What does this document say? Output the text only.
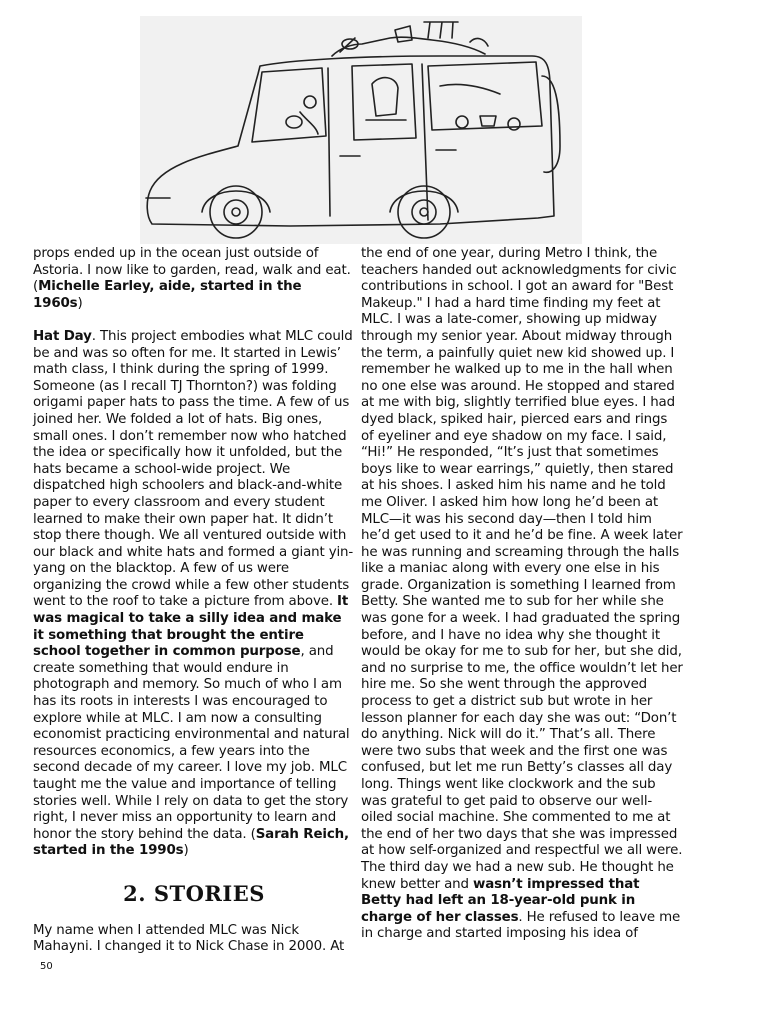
props ended up in the ocean just outside of Astoria. I now like to garden, read, walk and eat. (Michelle Earley, aide, started in the 1960s)

Hat Day. This project embodies what MLC could be and was so often for me. It started in Lewis’ math class, I think during the spring of 1999. Someone (as I recall TJ Thornton?) was folding origami paper hats to pass the time. A few of us joined her. We folded a lot of hats. Big ones, small ones. I don’t remember now who hatched the idea or specifically how it unfolded, but the hats became a school-wide project. We dispatched high schoolers and black-and-white paper to every classroom and every student learned to make their own paper hat. It didn’t stop there though. We all ventured outside with our black and white hats and formed a giant yin-yang on the blacktop. A few of us were organizing the crowd while a few other students went to the roof to take a picture from above. It was magical to take a silly idea and make it something that brought the entire school together in common purpose, and create something that would endure in photograph and memory. So much of who I am has its roots in interests I was encouraged to explore while at MLC. I am now a consulting economist practicing environmental and natural resources economics, a few years into the second decade of my career. I love my job. MLC taught me the value and importance of telling stories well. While I rely on data to get the story right, I never miss an opportunity to learn and honor the story behind the data. (Sarah Reich, started in the 1990s)

2. STORIES

My name when I attended MLC was Nick Mahayni. I changed it to Nick Chase in 2000. At

the end of one year, during Metro I think, the teachers handed out acknowledgments for civic contributions in school. I got an award for "Best Makeup." I had a hard time finding my feet at MLC. I was a late-comer, showing up midway through my senior year. About midway through the term, a painfully quiet new kid showed up. I remember he walked up to me in the hall when no one else was around. He stopped and stared at me with big, slightly terrified blue eyes. I had dyed black, spiked hair, pierced ears and rings of eyeliner and eye shadow on my face. I said, “Hi!” He responded, “It’s just that sometimes boys like to wear earrings,” quietly, then stared at his shoes. I asked him his name and he told me Oliver. I asked him how long he’d been at MLC—it was his second day—then I told him he’d get used to it and he’d be fine. A week later he was running and screaming through the halls like a maniac along with every one else in his grade. Organization is something I learned from Betty. She wanted me to sub for her while she was gone for a week. I had graduated the spring before, and I have no idea why she thought it would be okay for me to sub for her, but she did, and no surprise to me, the office wouldn’t let her hire me. So she went through the approved process to get a district sub but wrote in her lesson planner for each day she was out: “Don’t do anything. Nick will do it.” That’s all. There were two subs that week and the first one was confused, but let me run Betty’s classes all day long. Things went like clockwork and the sub was grateful to get paid to observe our well-oiled social machine. She commented to me at the end of her two days that she was impressed at how self-organized and respectful we all were. The third day we had a new sub. He thought he knew better and wasn’t impressed that Betty had left an 18-year-old punk in charge of her classes. He refused to leave me in charge and started imposing his idea of

50
